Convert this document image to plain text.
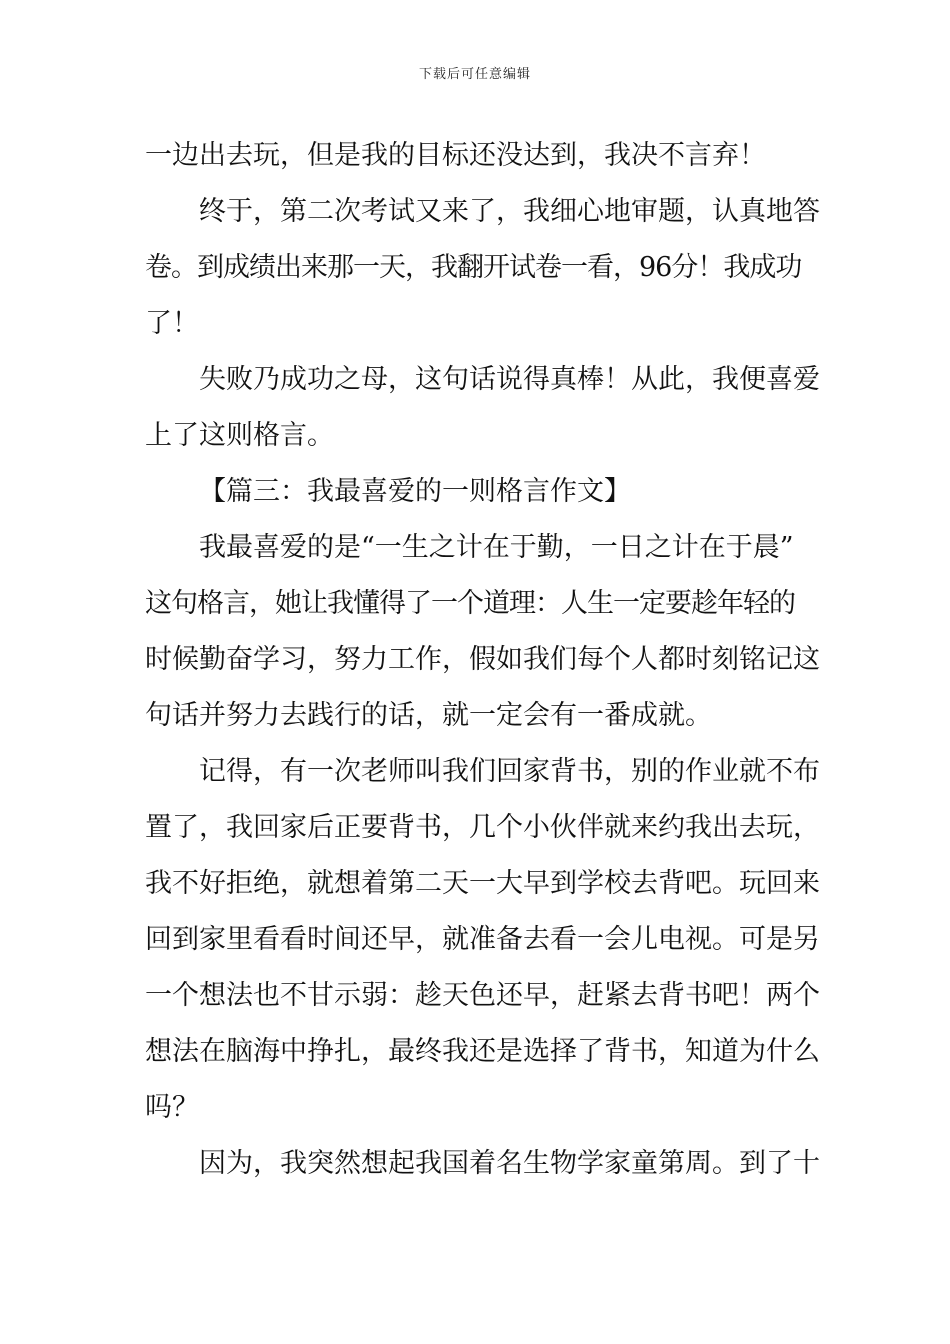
下载后可任意编辑
一边出去玩，但是我的目标还没达到，我决不言弃！
终于，第二次考试又来了，我细心地审题，认真地答
卷。到成绩出来那一天，我翻开试卷一看，96分！我成功
了！
失败乃成功之母，这句话说得真棒！从此，我便喜爱
上了这则格言。
【篇三：我最喜爱的一则格言作文】
我最喜爱的是“一生之计在于勤，一日之计在于晨”
这句格言，她让我懂得了一个道理：人生一定要趁年轻的
时候勤奋学习，努力工作，假如我们每个人都时刻铭记这
句话并努力去践行的话，就一定会有一番成就。
记得，有一次老师叫我们回家背书，别的作业就不布
置了，我回家后正要背书，几个小伙伴就来约我出去玩，
我不好拒绝，就想着第二天一大早到学校去背吧。玩回来
回到家里看看时间还早，就准备去看一会儿电视。可是另
一个想法也不甘示弱：趁天色还早，赶紧去背书吧！两个
想法在脑海中挣扎，最终我还是选择了背书，知道为什么
吗？
因为，我突然想起我国着名生物学家童第周。到了十
